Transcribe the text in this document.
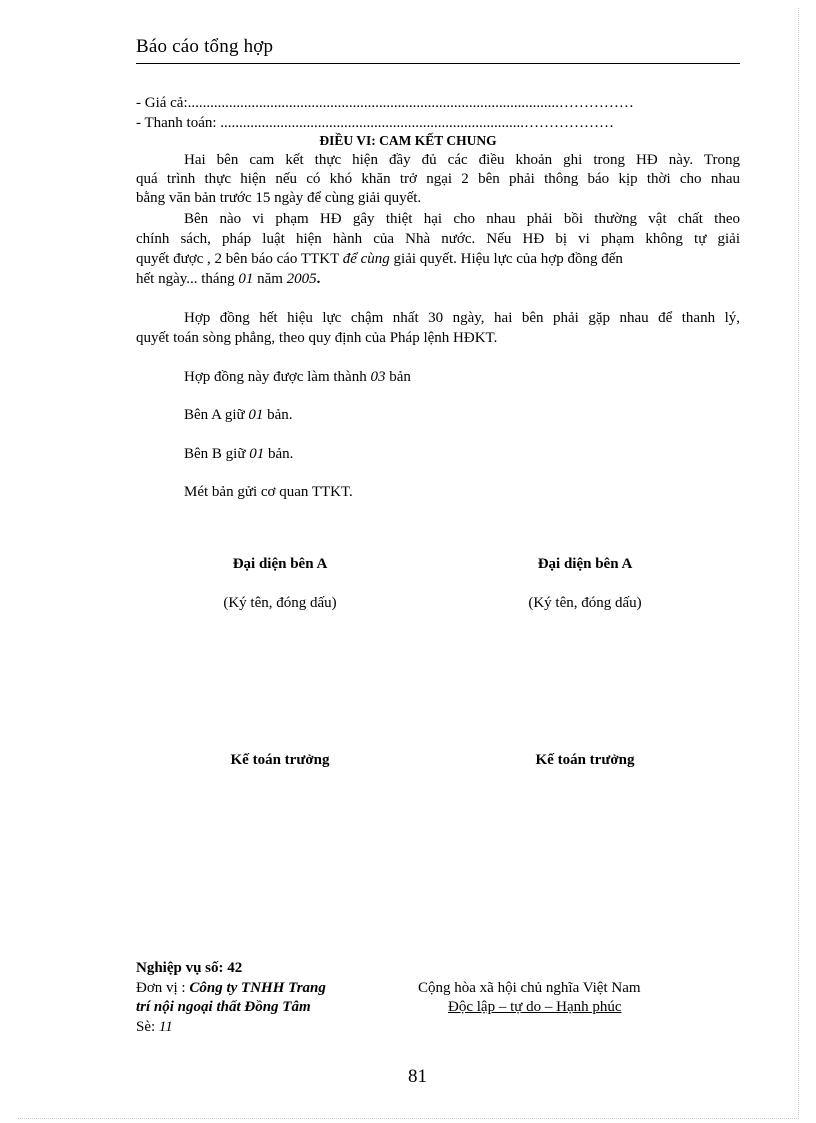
Báo cáo tổng hợp
- Giá cả:...................................................................................................……………
- Thanh toán: .................................................................................………………
ĐIỀU VI: CAM KẾT CHUNG
Hai bên cam kết thực hiện đầy đủ các điều khoản ghi trong HĐ này. Trong
quá trình thực hiện nếu có khó khăn trở ngại 2 bên phải thông báo kịp thời cho nhau
bằng văn bản trước 15 ngày để cùng giải quyết.
Bên nào vi phạm HĐ gây thiệt hại cho nhau phải bồi thường vật chất theo
chính sách, pháp luật hiện hành của Nhà nước. Nếu HĐ bị vi phạm không tự giải
quyết được , 2 bên báo cáo TTKT để cùng giải quyết. Hiệu lực của hợp đồng đến
hết ngày... tháng 01 năm 2005.
Hợp đồng hết hiệu lực chậm nhất 30 ngày, hai bên phải gặp nhau để thanh lý,
quyết toán sòng phẳng, theo quy định của Pháp lệnh HĐKT.
Hợp đồng này được làm thành 03 bản
Bên A giữ 01 bản.
Bên B giữ 01 bản.
Mét bản gửi cơ quan TTKT.
Đại diện bên A	Đại diện bên A
(Ký tên, đóng dấu)	(Ký tên, đóng dấu)
Kế toán trưởng	Kế toán trưởng
Nghiệp vụ số: 42
Đơn vị : Công ty TNHH Trang
trí nội ngoại thất Đồng Tâm
Sè: 11
Cộng hòa xã hội chủ nghĩa Việt Nam
Độc lập – tự do – Hạnh phúc
81
